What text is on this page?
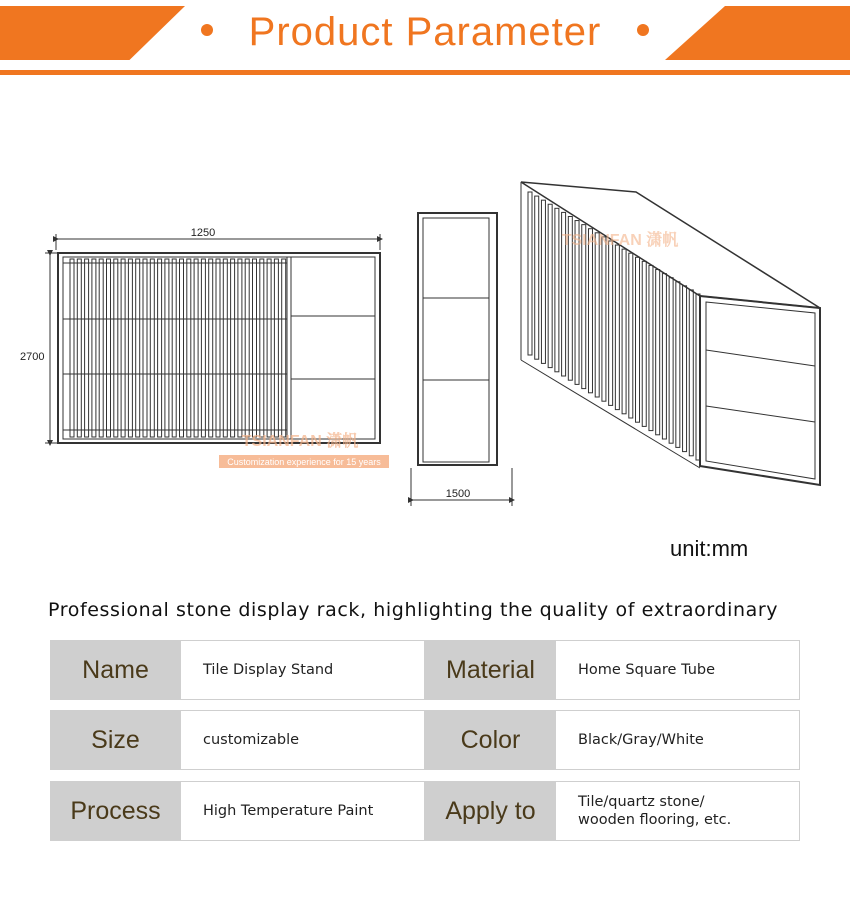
Product Parameter
1250
2700
TSIANFAN 潇帆
Customization experience for 15 years
1500
TSIANFAN 潇帆
unit:mm
Professional stone display rack, highlighting the quality of extraordinary
Name	Tile Display Stand	Material	Home Square Tube
Size	customizable	Color	Black/Gray/White
Process	High Temperature Paint	Apply to	Tile/quartz stone/
wooden flooring, etc.
